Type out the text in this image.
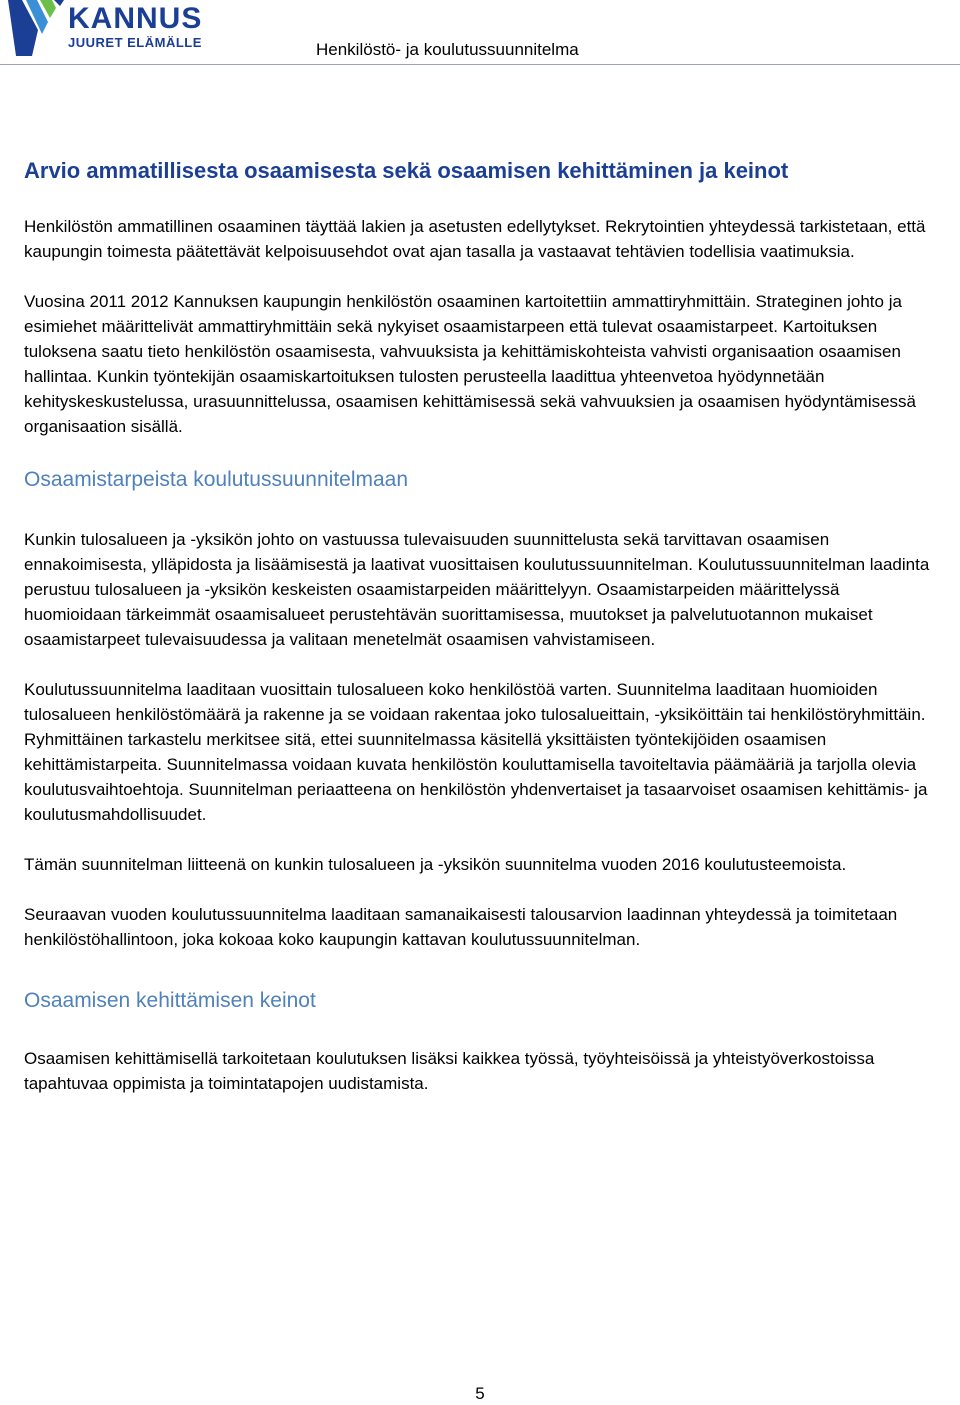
KANNUS
JUURET ELÄMÄLLE	Henkilöstö- ja koulutussuunnitelma
Arvio ammatillisesta osaamisesta sekä osaamisen kehittäminen ja keinot

Henkilöstön ammatillinen osaaminen täyttää lakien ja asetusten edellytykset. Rekrytointien yhteydessä tarkistetaan, että kaupungin toimesta päätettävät kelpoisuusehdot ovat ajan tasalla ja vastaavat tehtävien todellisia vaatimuksia.

Vuosina 2011 2012 Kannuksen kaupungin henkilöstön osaaminen kartoitettiin ammattiryhmittäin. Strateginen johto ja esimiehet määrittelivät ammattiryhmittäin sekä nykyiset osaamistarpeen että tulevat osaamistarpeet. Kartoituksen tuloksena saatu tieto henkilöstön osaamisesta, vahvuuksista ja kehittämiskohteista vahvisti organisaation osaamisen hallintaa. Kunkin työntekijän osaamiskartoituksen tulosten perusteella laadittua yhteenvetoa hyödynnetään kehityskeskustelussa, urasuunnittelussa, osaamisen kehittämisessä sekä vahvuuksien ja osaamisen hyödyntämisessä organisaation sisällä.

Osaamistarpeista koulutussuunnitelmaan

Kunkin tulosalueen ja -yksikön johto on vastuussa tulevaisuuden suunnittelusta sekä tarvittavan osaamisen ennakoimisesta, ylläpidosta ja lisäämisestä ja laativat vuosittaisen koulutussuunnitelman. Koulutussuunnitelman laadinta perustuu tulosalueen ja -yksikön keskeisten osaamistarpeiden määrittelyyn. Osaamistarpeiden määrittelyssä huomioidaan tärkeimmät osaamisalueet perustehtävän suorittamisessa, muutokset ja palvelutuotannon mukaiset osaamistarpeet tulevaisuudessa ja valitaan menetelmät osaamisen vahvistamiseen.

Koulutussuunnitelma laaditaan vuosittain tulosalueen koko henkilöstöä varten. Suunnitelma laaditaan huomioiden tulosalueen henkilöstömäärä ja rakenne ja se voidaan rakentaa joko tulosalueittain, -yksiköittäin tai henkilöstöryhmittäin. Ryhmittäinen tarkastelu merkitsee sitä, ettei suunnitelmassa käsitellä yksittäisten työntekijöiden osaamisen kehittämistarpeita. Suunnitelmassa voidaan kuvata henkilöstön kouluttamisella tavoiteltavia päämääriä ja tarjolla olevia koulutusvaihtoehtoja. Suunnitelman periaatteena on henkilöstön yhdenvertaiset ja tasaarvoiset osaamisen kehittämis- ja koulutusmahdollisuudet.

Tämän suunnitelman liitteenä on kunkin tulosalueen ja -yksikön suunnitelma vuoden 2016 koulutusteemoista.

Seuraavan vuoden koulutussuunnitelma laaditaan samanaikaisesti talousarvion laadinnan yhteydessä ja toimitetaan henkilöstöhallintoon, joka kokoaa koko kaupungin kattavan koulutussuunnitelman.

Osaamisen kehittämisen keinot

Osaamisen kehittämisellä tarkoitetaan koulutuksen lisäksi kaikkea työssä, työyhteisöissä ja yhteistyöverkostoissa tapahtuvaa oppimista ja toimintatapojen uudistamista.

5
